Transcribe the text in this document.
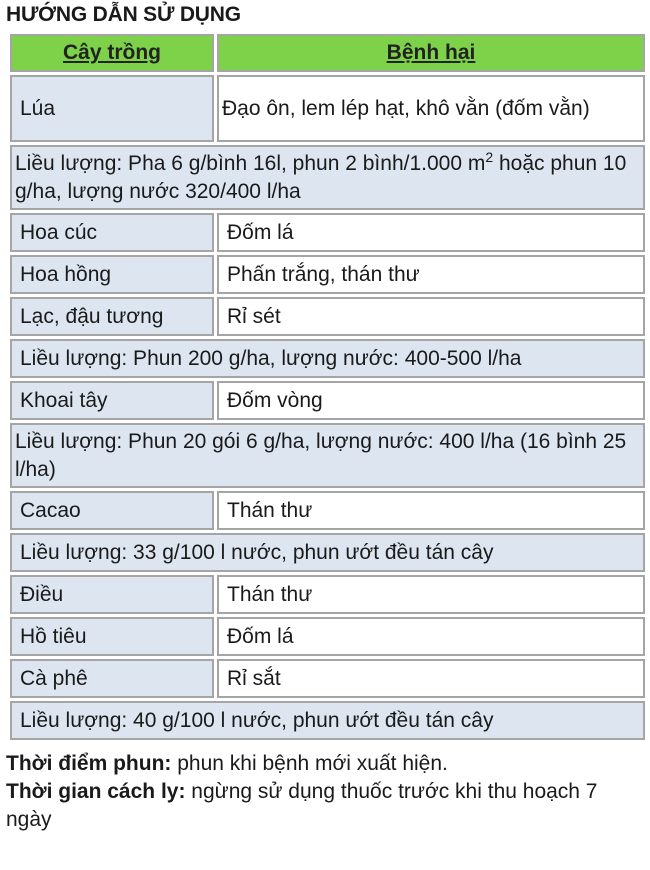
HƯỚNG DẪN SỬ DỤNG
Cây trồng	Bệnh hại
Lúa	Đạo ôn, lem lép hạt, khô vằn (đốm vằn)
Liều lượng: Pha 6 g/bình 16l, phun 2 bình/1.000 $m^2$ hoặc phun 10 g/ha, lượng nước 320/400 l/ha	
Hoa cúc	Đốm lá
Hoa hồng	Phấn trắng, thán thư
Lạc, đậu tương	Rỉ sét
Liều lượng: Phun 200 g/ha, lượng nước: 400-500 l/ha	
Khoai tây	Đốm vòng
Liều lượng: Phun 20 gói 6 g/ha, lượng nước: 400 l/ha (16 bình 25 l/ha)	
Cacao	Thán thư
Liều lượng: 33 g/100 l nước, phun ướt đều tán cây	
Điều	Thán thư
Hồ tiêu	Đốm lá
Cà phê	Rỉ sắt
Liều lượng: 40 g/100 l nước, phun ướt đều tán cây	

Thời điểm phun: phun khi bệnh mới xuất hiện.

Thời gian cách ly: ngừng sử dụng thuốc trước khi thu hoạch 7 ngày
